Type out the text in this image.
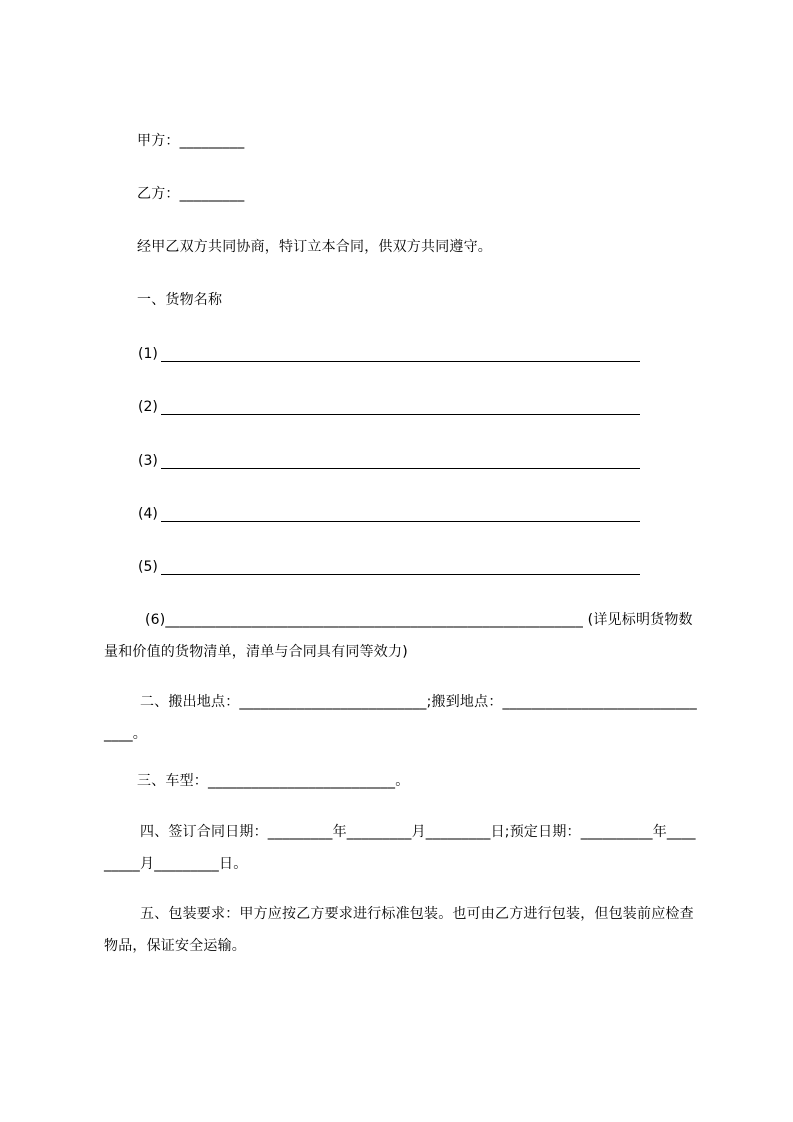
甲方：_________
乙方：_________
经甲乙双方共同协商，特订立本合同，供双方共同遵守。
一、货物名称
(1)
(2)
(3)
(4)
(5)
(6)__________________________________________________________ (详见标明货物数量和价值的货物清单，清单与合同具有同等效力)
二、搬出地点：__________________________;搬到地点：_______________________________。
三、车型：__________________________。
四、签订合同日期：_________年_________月_________日;预定日期：__________年_________月_________日。
五、包装要求：甲方应按乙方要求进行标准包装。也可由乙方进行包装，但包装前应检查物品，保证安全运输。
